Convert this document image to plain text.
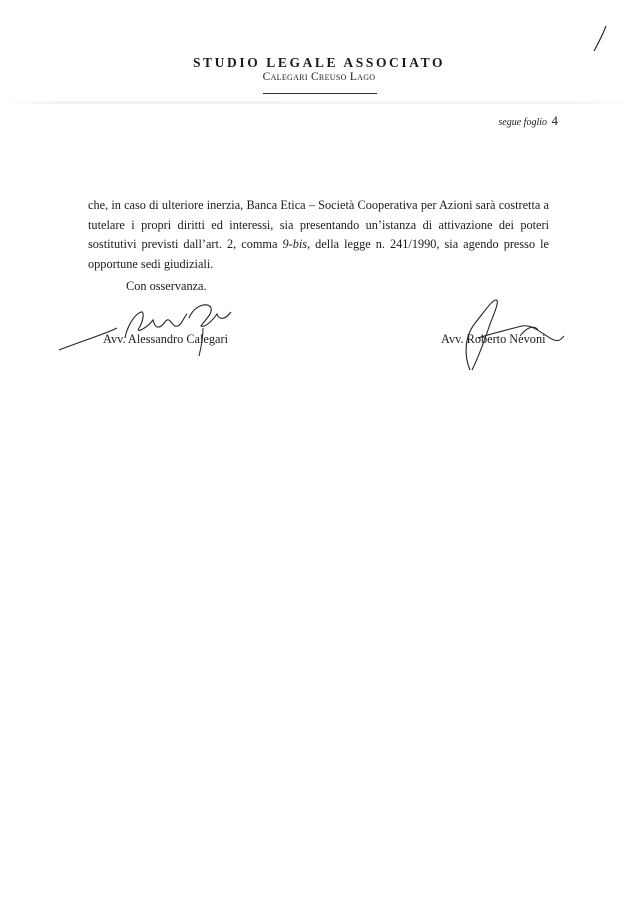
STUDIO LEGALE ASSOCIATO
Calegari Creuso Lago
segue foglio 4

che, in caso di ulteriore inerzia, Banca Etica – Società Cooperativa per Azioni sarà costretta a tutelare i propri diritti ed interessi, sia presentando un’istanza di attivazione dei poteri sostitutivi previsti dall’art. 2, comma 9-bis, della legge n. 241/1990, sia agendo presso le opportune sedi giudiziali.

Con osservanza.
Avv. Alessandro Calegari	Avv. Roberto Nevoni
